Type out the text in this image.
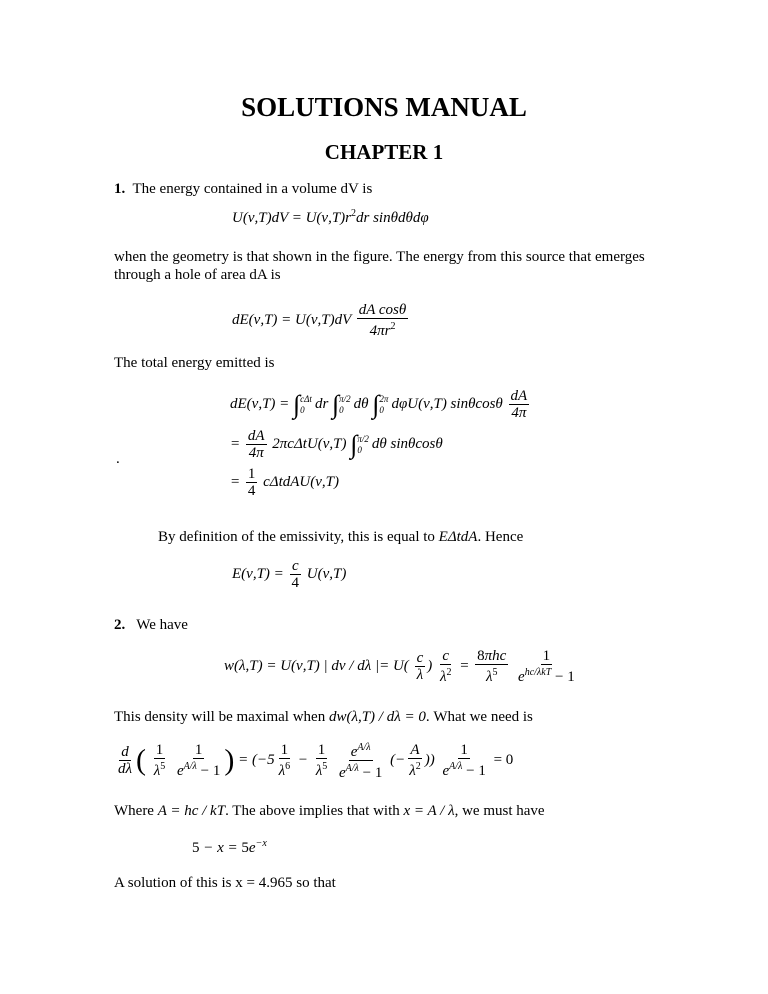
SOLUTIONS MANUAL
CHAPTER 1
1. The energy contained in a volume dV is
$U(\nu,T)dV = U(\nu,T)r^2dr$ sinθdθdφ
when the geometry is that shown in the figure. The energy from this source that emerges
through a hole of area dA is
$dE(\nu,T) = U(\nu,T)dV \frac{\text{dA cosθ}}{4\pi r^2}$
The total energy emitted is
dE(ν,T) = ∫ cΔt
0 dr ∫ π/2
0 dθ ∫ 2π
0 dφU(ν,T) sinθcosθ $\frac{dA}{4\pi}$
.
= $\frac{dA}{4\pi} 2\pi c\Delta tU(\nu,T)$ ∫ π/2
0 dθ sinθcosθ
= $\frac{1}{4}$ cΔtdAU(ν,T)
By definition of the emissivity, this is equal to EΔtdA. Hence
$E(\nu,T) = \frac{c}{4} U(\nu,T)$
2. We have
w(λ,T) = U(ν,T) | dν / dλ |= $U( \frac{c}{\lambda}$ ) $\frac{c}{\lambda^2} = \frac{\text{8πhc}}{\lambda^5}$
$\frac{1}{e^{hc/\lambda kT} - 1}$
This density will be maximal when dw(λ,T) / dλ = 0. What we need is
$\frac{d}{d\lambda}$ ( $\frac{1}{\lambda^5}$
$\frac{1}{e^{A/\lambda} - 1}$ ) = ($-5 \frac{1}{\lambda^6} - \frac{1}{\lambda^5}$
$\frac{e^{A/\lambda}}{e^{A/\lambda} - 1}$ (− $\frac{A}{\lambda^2}$ )) $\frac{1}{e^{A/\lambda} - 1} = 0$
Where A = hc / kT. The above implies that with x = A / λ, we must have
$5 - x = 5e^{-x}$
A solution of this is x = 4.965 so that
